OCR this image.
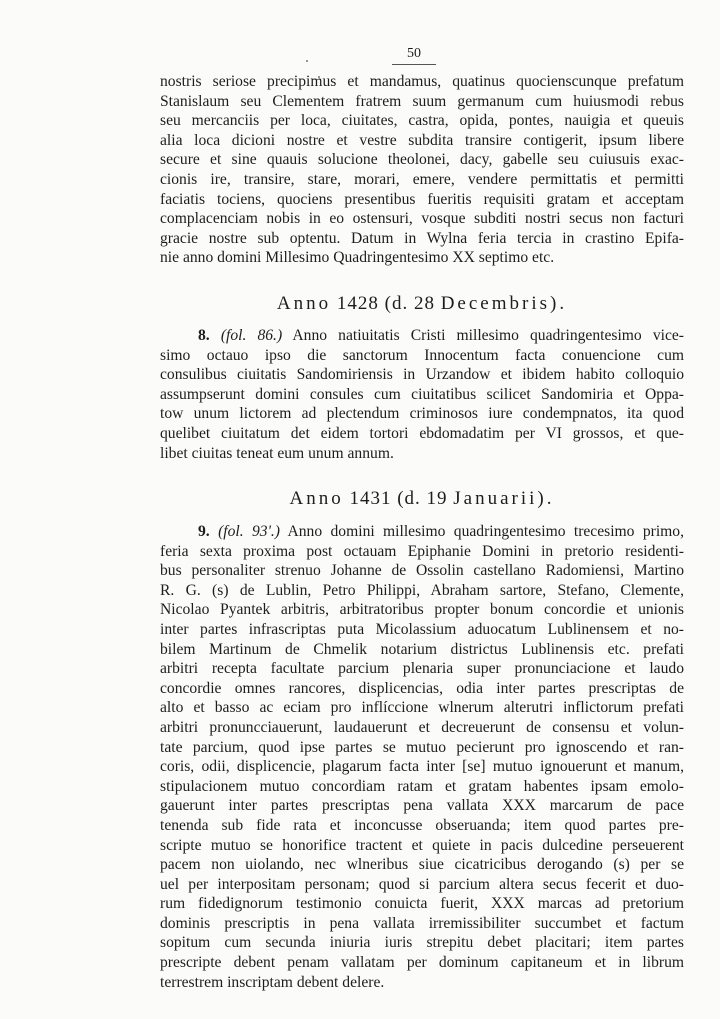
50
nostris seriose precipimus et mandamus, quatinus quocienscunque prefatum
Stanislaum seu Clementem fratrem suum germanum cum huiusmodi rebus
seu mercanciis per loca, ciuitates, castra, opida, pontes, nauigia et queuis
alia loca dicioni nostre et vestre subdita transire contigerit, ipsum libere
secure et sine quauis solucione theolonei, dacy, gabelle seu cuiusuis exac-
cionis ire, transire, stare, morari, emere, vendere permittatis et permitti
faciatis tociens, quociens presentibus fueritis requisiti gratam et acceptam
complacenciam nobis in eo ostensuri, vosque subditi nostri secus non facturi
gracie nostre sub optentu. Datum in Wylna feria tercia in crastino Epifa-
nie anno domini Millesimo Quadringentesimo XX septimo etc.
Anno 1428 (d. 28 Decembris).
8. (fol. 86.) Anno natiuitatis Cristi millesimo quadringentesimo vice-
simo octauo ipso die sanctorum Innocentum facta conuencione cum
consulibus ciuitatis Sandomiriensis in Urzandow et ibidem habito colloquio
assumpserunt domini consules cum ciuitatibus scilicet Sandomiria et Oppa-
tow unum lictorem ad plectendum criminosos iure condempnatos, ita quod
quelibet ciuitatum det eidem tortori ebdomadatim per VI grossos, et que-
libet ciuitas teneat eum unum annum.
Anno 1431 (d. 19 Januarii).
9. (fol. 93'.) Anno domini millesimo quadringentesimo trecesimo primo,
feria sexta proxima post octauam Epiphanie Domini in pretorio residenti-
bus personaliter strenuo Johanne de Ossolin castellano Radomiensi, Martino
R. G. (s) de Lublin, Petro Philippi, Abraham sartore, Stefano, Clemente,
Nicolao Pyantek arbitris, arbitratoribus propter bonum concordie et unionis
inter partes infrascriptas puta Micolassium aduocatum Lublinensem et no-
bilem Martinum de Chmelik notarium districtus Lublinensis etc. prefati
arbitri recepta facultate parcium plenaria super pronunciacione et laudo
concordie omnes rancores, displicencias, odia inter partes prescriptas de
alto et basso ac eciam pro inflíccione wlnerum alterutri inflictorum prefati
arbitri pronuncciauerunt, laudauerunt et decreuerunt de consensu et volun-
tate parcium, quod ipse partes se mutuo pecierunt pro ignoscendo et ran-
coris, odii, displicencie, plagarum facta inter [se] mutuo ignouerunt et manum,
stipulacionem mutuo concordiam ratam et gratam habentes ipsam emolo-
gauerunt inter partes prescriptas pena vallata XXX marcarum de pace
tenenda sub fide rata et inconcusse obseruanda; item quod partes pre-
scripte mutuo se honorifice tractent et quiete in pacis dulcedine perseuerent
pacem non uiolando, nec wlneribus siue cicatricibus derogando (s) per se
uel per interpositam personam; quod si parcium altera secus fecerit et duo-
rum fidedignorum testimonio conuicta fuerit, XXX marcas ad pretorium
dominis prescriptis in pena vallata irremissibiliter succumbet et factum
sopitum cum secunda iniuria iuris strepitu debet placitari; item partes
prescripte debent penam vallatam per dominum capitaneum et in librum
terrestrem inscriptam debent delere.
